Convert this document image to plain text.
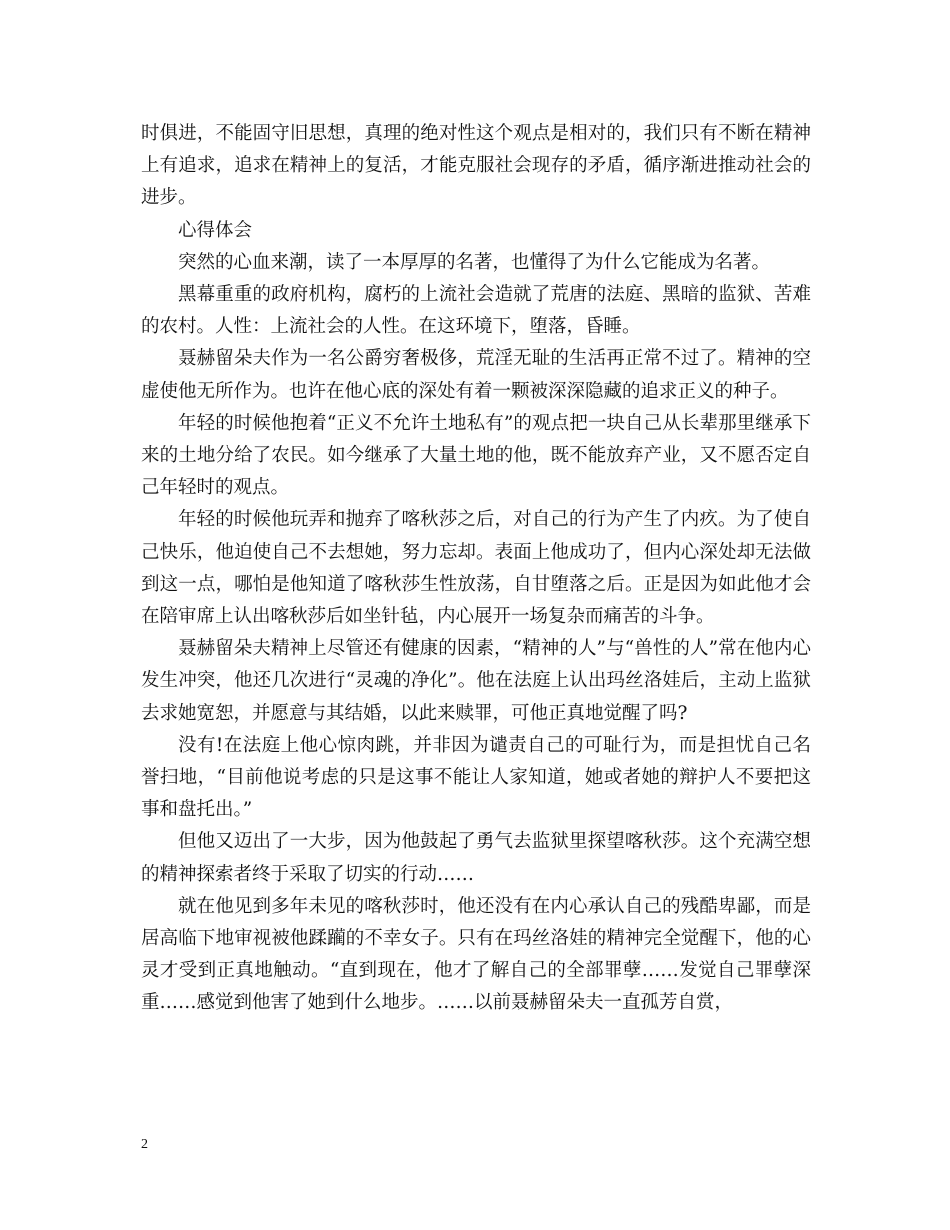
时俱进，不能固守旧思想，真理的绝对性这个观点是相对的，我们只有不断在精神上有追求，追求在精神上的复活，才能克服社会现存的矛盾，循序渐进推动社会的进步。

心得体会

突然的心血来潮，读了一本厚厚的名著，也懂得了为什么它能成为名著。

黑幕重重的政府机构，腐朽的上流社会造就了荒唐的法庭、黑暗的监狱、苦难的农村。人性：上流社会的人性。在这环境下，堕落，昏睡。

聂赫留朵夫作为一名公爵穷奢极侈，荒淫无耻的生活再正常不过了。精神的空虚使他无所作为。也许在他心底的深处有着一颗被深深隐藏的追求正义的种子。

年轻的时候他抱着“正义不允许土地私有”的观点把一块自己从长辈那里继承下来的土地分给了农民。如今继承了大量土地的他，既不能放弃产业，又不愿否定自己年轻时的观点。

年轻的时候他玩弄和抛弃了喀秋莎之后，对自己的行为产生了内疚。为了使自己快乐，他迫使自己不去想她，努力忘却。表面上他成功了，但内心深处却无法做到这一点，哪怕是他知道了喀秋莎生性放荡，自甘堕落之后。正是因为如此他才会在陪审席上认出喀秋莎后如坐针毡，内心展开一场复杂而痛苦的斗争。

聂赫留朵夫精神上尽管还有健康的因素，“精神的人”与“兽性的人”常在他内心发生冲突，他还几次进行“灵魂的净化”。他在法庭上认出玛丝洛娃后，主动上监狱去求她宽恕，并愿意与其结婚，以此来赎罪，可他正真地觉醒了吗?

没有!在法庭上他心惊肉跳，并非因为谴责自己的可耻行为，而是担忧自己名誉扫地，“目前他说考虑的只是这事不能让人家知道，她或者她的辩护人不要把这事和盘托出。”

但他又迈出了一大步，因为他鼓起了勇气去监狱里探望喀秋莎。这个充满空想的精神探索者终于采取了切实的行动……

就在他见到多年未见的喀秋莎时，他还没有在内心承认自己的残酷卑鄙，而是居高临下地审视被他蹂躏的不幸女子。只有在玛丝洛娃的精神完全觉醒下，他的心灵才受到正真地触动。“直到现在，他才了解自己的全部罪孽……发觉自己罪孽深重……感觉到他害了她到什么地步。……以前聂赫留朵夫一直孤芳自赏，

2
